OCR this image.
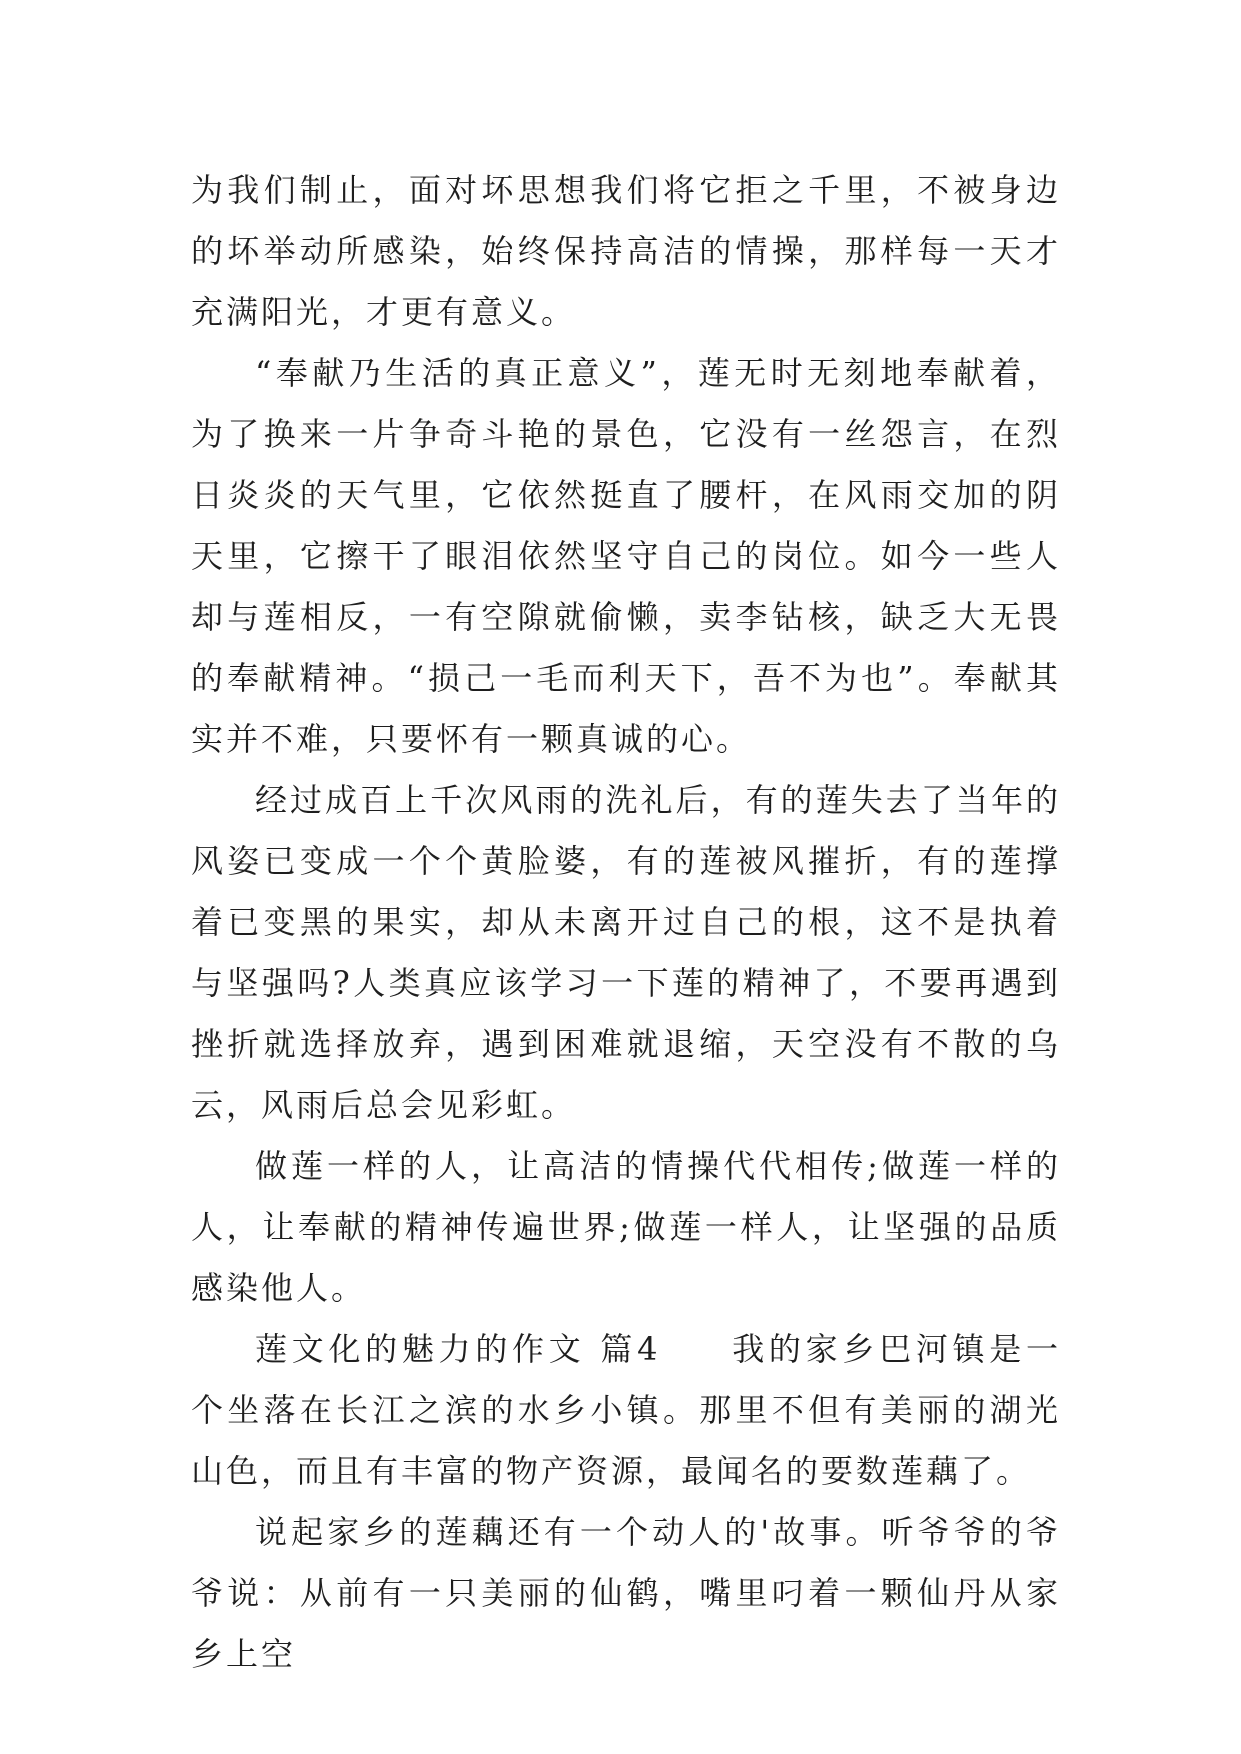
为我们制止，面对坏思想我们将它拒之千里，不被身边的坏举动所感染，始终保持高洁的情操，那样每一天才充满阳光，才更有意义。

“奉献乃生活的真正意义”，莲无时无刻地奉献着，为了换来一片争奇斗艳的景色，它没有一丝怨言，在烈日炎炎的天气里，它依然挺直了腰杆，在风雨交加的阴天里，它擦干了眼泪依然坚守自己的岗位。如今一些人却与莲相反，一有空隙就偷懒，卖李钻核，缺乏大无畏的奉献精神。“损己一毛而利天下，吾不为也”。奉献其实并不难，只要怀有一颗真诚的心。

经过成百上千次风雨的洗礼后，有的莲失去了当年的风姿已变成一个个黄脸婆，有的莲被风摧折，有的莲撑着已变黑的果实，却从未离开过自己的根，这不是执着与坚强吗?人类真应该学习一下莲的精神了，不要再遇到挫折就选择放弃，遇到困难就退缩，天空没有不散的乌云，风雨后总会见彩虹。

做莲一样的人，让高洁的情操代代相传;做莲一样的人，让奉献的精神传遍世界;做莲一样人，让坚强的品质感染他人。

莲文化的魅力的作文 篇4 我的家乡巴河镇是一个坐落在长江之滨的水乡小镇。那里不但有美丽的湖光山色，而且有丰富的物产资源，最闻名的要数莲藕了。

说起家乡的莲藕还有一个动人的'故事。听爷爷的爷爷说：从前有一只美丽的仙鹤，嘴里叼着一颗仙丹从家乡上空
